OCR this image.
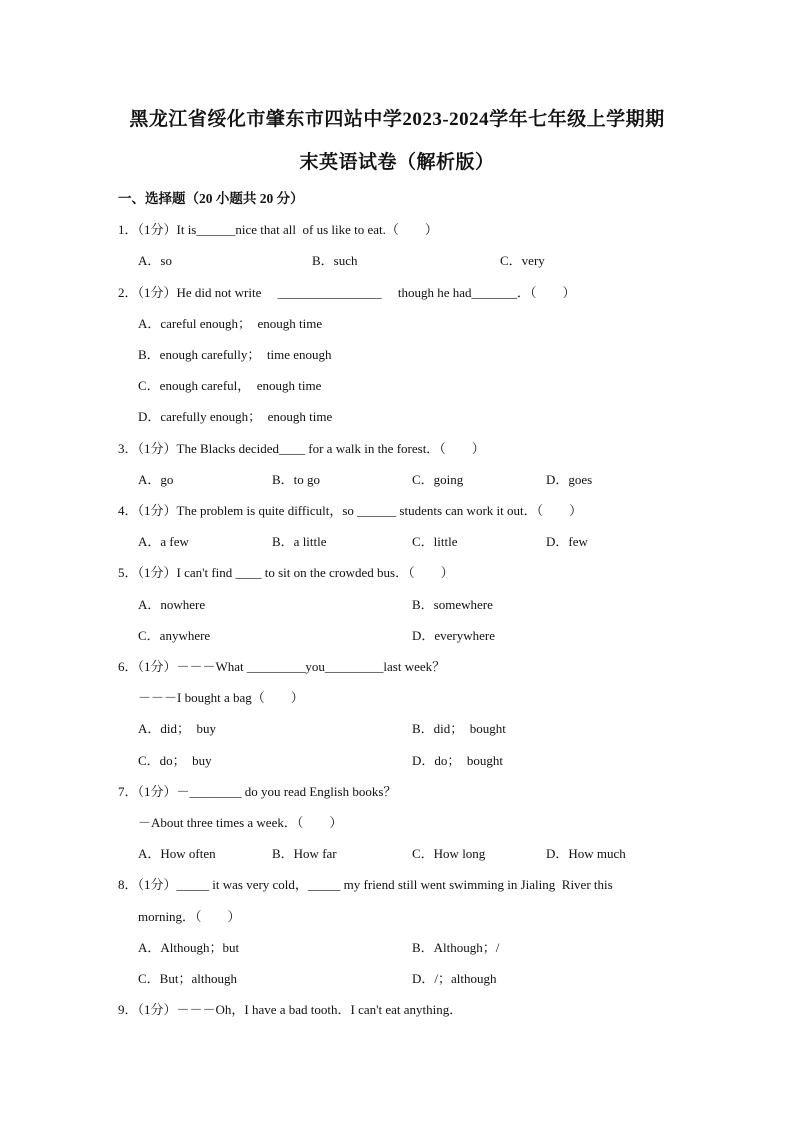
黑龙江省绥化市肇东市四站中学2023-2024学年七年级上学期期
末英语试卷（解析版）
一、选择题（20 小题共 20 分）
1．（1分）It is______nice that all  of us like to eat.（　　）
A．so	B．such	C．very
2．（1分）He did not write 　________________　 though he had_______．（　　）
A．careful enough；  enough time
B．enough carefully；  time enough
C．enough careful，  enough time
D．carefully enough；  enough time
3．（1分）The Blacks decided____ for a walk in the forest．（　　）
A．go	B．to go	C．going	D．goes
4．（1分）The problem is quite difficult，so ______ students can work it out．（　　）
A．a few	B．a little	C．little	D．few
5．（1分）I can't find ____ to sit on the crowded bus．（　　）
A．nowhere	B．somewhere
C．anywhere	D．everywhere
6．（1分）－－－What _________you_________last week？
－－－I bought a bag（　　）
A．did；  buy	B．did；  bought
C．do；  buy	D．do；  bought
7．（1分）－________ do you read English books？
－About three times a week．（　　）
A．How often	B．How far	C．How long	D．How much
8．（1分）_____ it was very cold，_____ my friend still went swimming in Jialing  River this
morning．（　　）
A．Although；but	B．Although；/
C．But；although	D．/；although
9．（1分）－－－Oh，I have a bad tooth．I can't eat anything．
